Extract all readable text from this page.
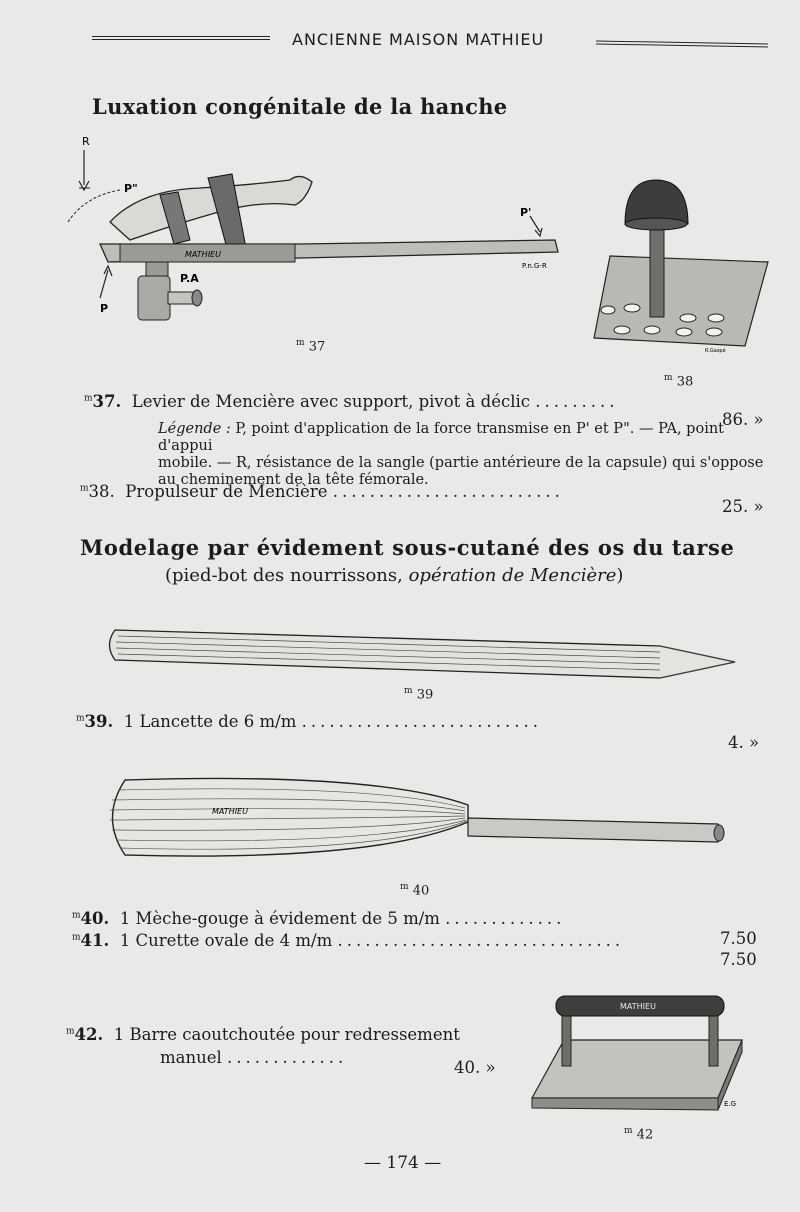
ANCIENNE MAISON MATHIEU
Luxation congénitale de la hanche
R
P"
MATHIEU
P'
P.n.G-R
P.A
P
R.Gaspé
$^m$ 37
$^m$ 38
$^m$37. Levier de Mencière avec support, pivot à déclic .........
86. »
Légende : P, point d'application de la force transmise en P' et P". — PA, point d'appui
mobile. — R, résistance de la sangle (partie antérieure de la capsule) qui s'oppose
au cheminement de la tête fémorale.
$^m$38. Propulseur de Mencière .........................
25. »
Modelage par évidement sous-cutané des os du tarse
(pied-bot des nourrissons, opération de Mencière)
$^m$ 39
$^m$39. 1 Lancette de 6 m/m ..........................
4. »
MATHIEU
$^m$ 40
$^m$40. 1 Mèche-gouge à évidement de 5 m/m .............
7.50
$^m$41. 1 Curette ovale de 4 m/m ...............................
7.50
MATHIEU
E.G
$^m$ 42
$^m$42. 1 Barre caoutchoutée pour redressement
manuel .............
40. »
— 174 —
